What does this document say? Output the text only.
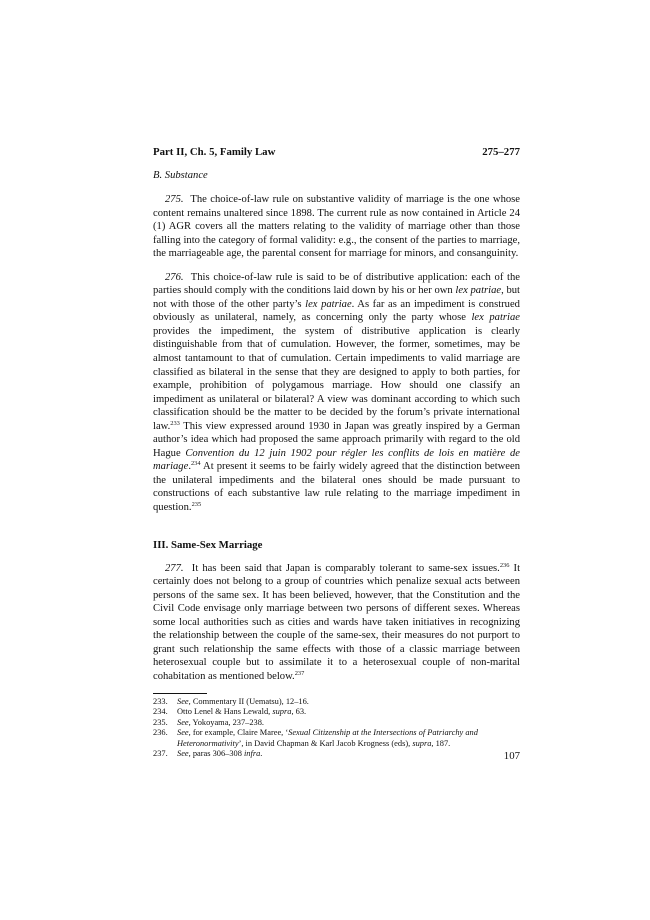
Part II, Ch. 5, Family Law	275–277
B. Substance

275. The choice-of-law rule on substantive validity of marriage is the one whose content remains unaltered since 1898. The current rule as now contained in Article 24 (1) AGR covers all the matters relating to the validity of marriage other than those falling into the category of formal validity: e.g., the consent of the parties to marriage, the marriageable age, the parental consent for marriage for minors, and consanguinity.

276. This choice-of-law rule is said to be of distributive application: each of the parties should comply with the conditions laid down by his or her own lex patriae, but not with those of the other party’s lex patriae. As far as an impediment is construed obviously as unilateral, namely, as concerning only the party whose lex patriae provides the impediment, the system of distributive application is clearly distinguishable from that of cumulation. However, the former, sometimes, may be almost tantamount to that of cumulation. Certain impediments to valid marriage are classified as bilateral in the sense that they are designed to apply to both parties, for example, prohibition of polygamous marriage. How should one classify an impediment as unilateral or bilateral? A view was dominant according to which such classification should be the matter to be decided by the forum’s private international law.$^{233}$ This view expressed around 1930 in Japan was greatly inspired by a German author’s idea which had proposed the same approach primarily with regard to the old Hague Convention du 12 juin 1902 pour régler les conflits de lois en matière de mariage.$^{234}$ At present it seems to be fairly widely agreed that the distinction between the unilateral impediments and the bilateral ones should be made pursuant to constructions of each substantive law rule relating to the marriage impediment in question.$^{235}$

III. Same-Sex Marriage

277. It has been said that Japan is comparably tolerant to same-sex issues.$^{236}$ It certainly does not belong to a group of countries which penalize sexual acts between persons of the same sex. It has been believed, however, that the Constitution and the Civil Code envisage only marriage between two persons of different sexes. Whereas some local authorities such as cities and wards have taken initiatives in recognizing the relationship between the couple of the same-sex, their measures do not purport to grant such relationship the same effects with those of a classic marriage between heterosexual couple but to assimilate it to a heterosexual couple of non-marital cohabitation as mentioned below.$^{237}$

233.	See, Commentary II (Uematsu), 12–16.
234.	Otto Lenel & Hans Lewald, supra, 63.
235.	See, Yokoyama, 237–238.
236.	See, for example, Claire Maree, ‘Sexual Citizenship at the Intersections of Patriarchy and Heteronormativity’, in David Chapman & Karl Jacob Krogness (eds), supra, 187.
237.	See, paras 306–308 infra.	107
